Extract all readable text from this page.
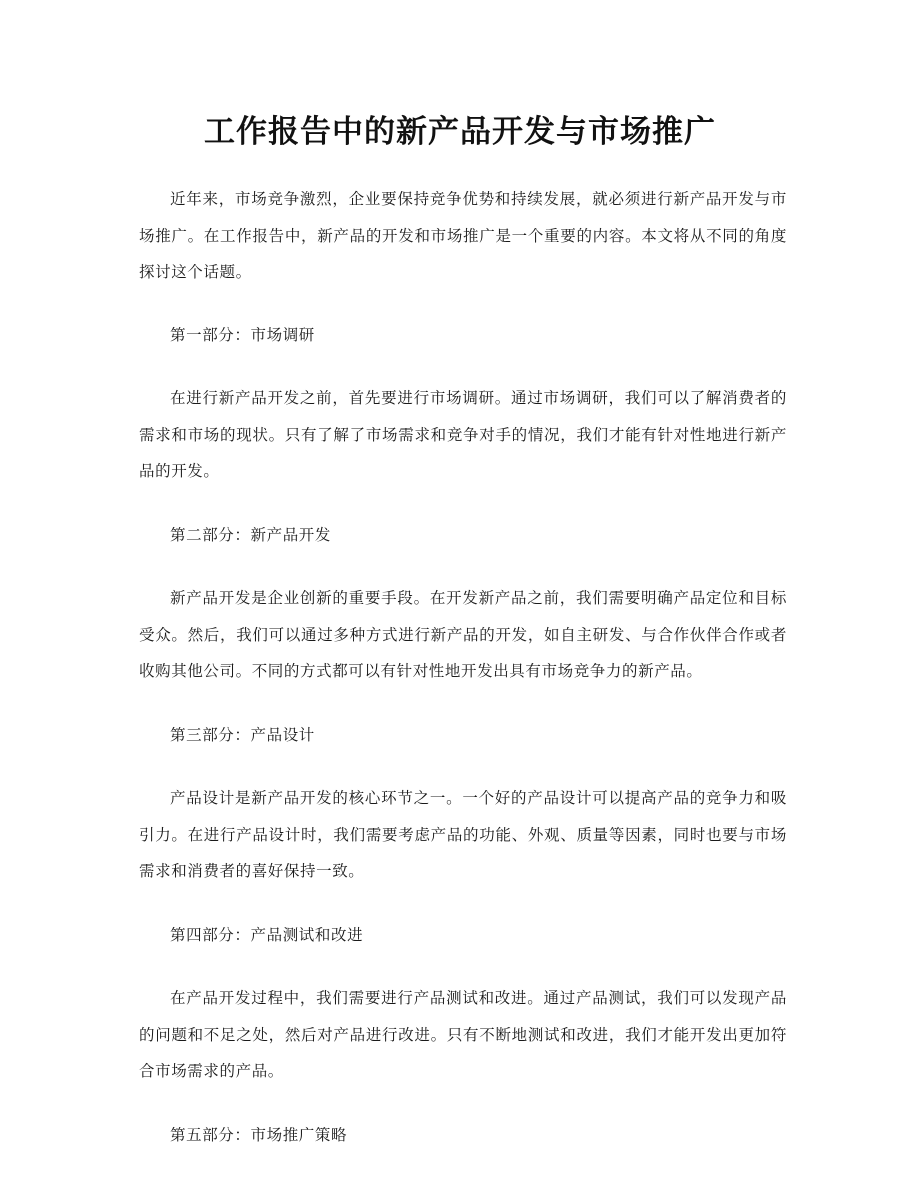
工作报告中的新产品开发与市场推广

近年来，市场竞争激烈，企业要保持竞争优势和持续发展，就必须进行新产品开发与市场推广。在工作报告中，新产品的开发和市场推广是一个重要的内容。本文将从不同的角度探讨这个话题。

第一部分：市场调研

在进行新产品开发之前，首先要进行市场调研。通过市场调研，我们可以了解消费者的需求和市场的现状。只有了解了市场需求和竞争对手的情况，我们才能有针对性地进行新产品的开发。

第二部分：新产品开发

新产品开发是企业创新的重要手段。在开发新产品之前，我们需要明确产品定位和目标受众。然后，我们可以通过多种方式进行新产品的开发，如自主研发、与合作伙伴合作或者收购其他公司。不同的方式都可以有针对性地开发出具有市场竞争力的新产品。

第三部分：产品设计

产品设计是新产品开发的核心环节之一。一个好的产品设计可以提高产品的竞争力和吸引力。在进行产品设计时，我们需要考虑产品的功能、外观、质量等因素，同时也要与市场需求和消费者的喜好保持一致。

第四部分：产品测试和改进

在产品开发过程中，我们需要进行产品测试和改进。通过产品测试，我们可以发现产品的问题和不足之处，然后对产品进行改进。只有不断地测试和改进，我们才能开发出更加符合市场需求的产品。

第五部分：市场推广策略
